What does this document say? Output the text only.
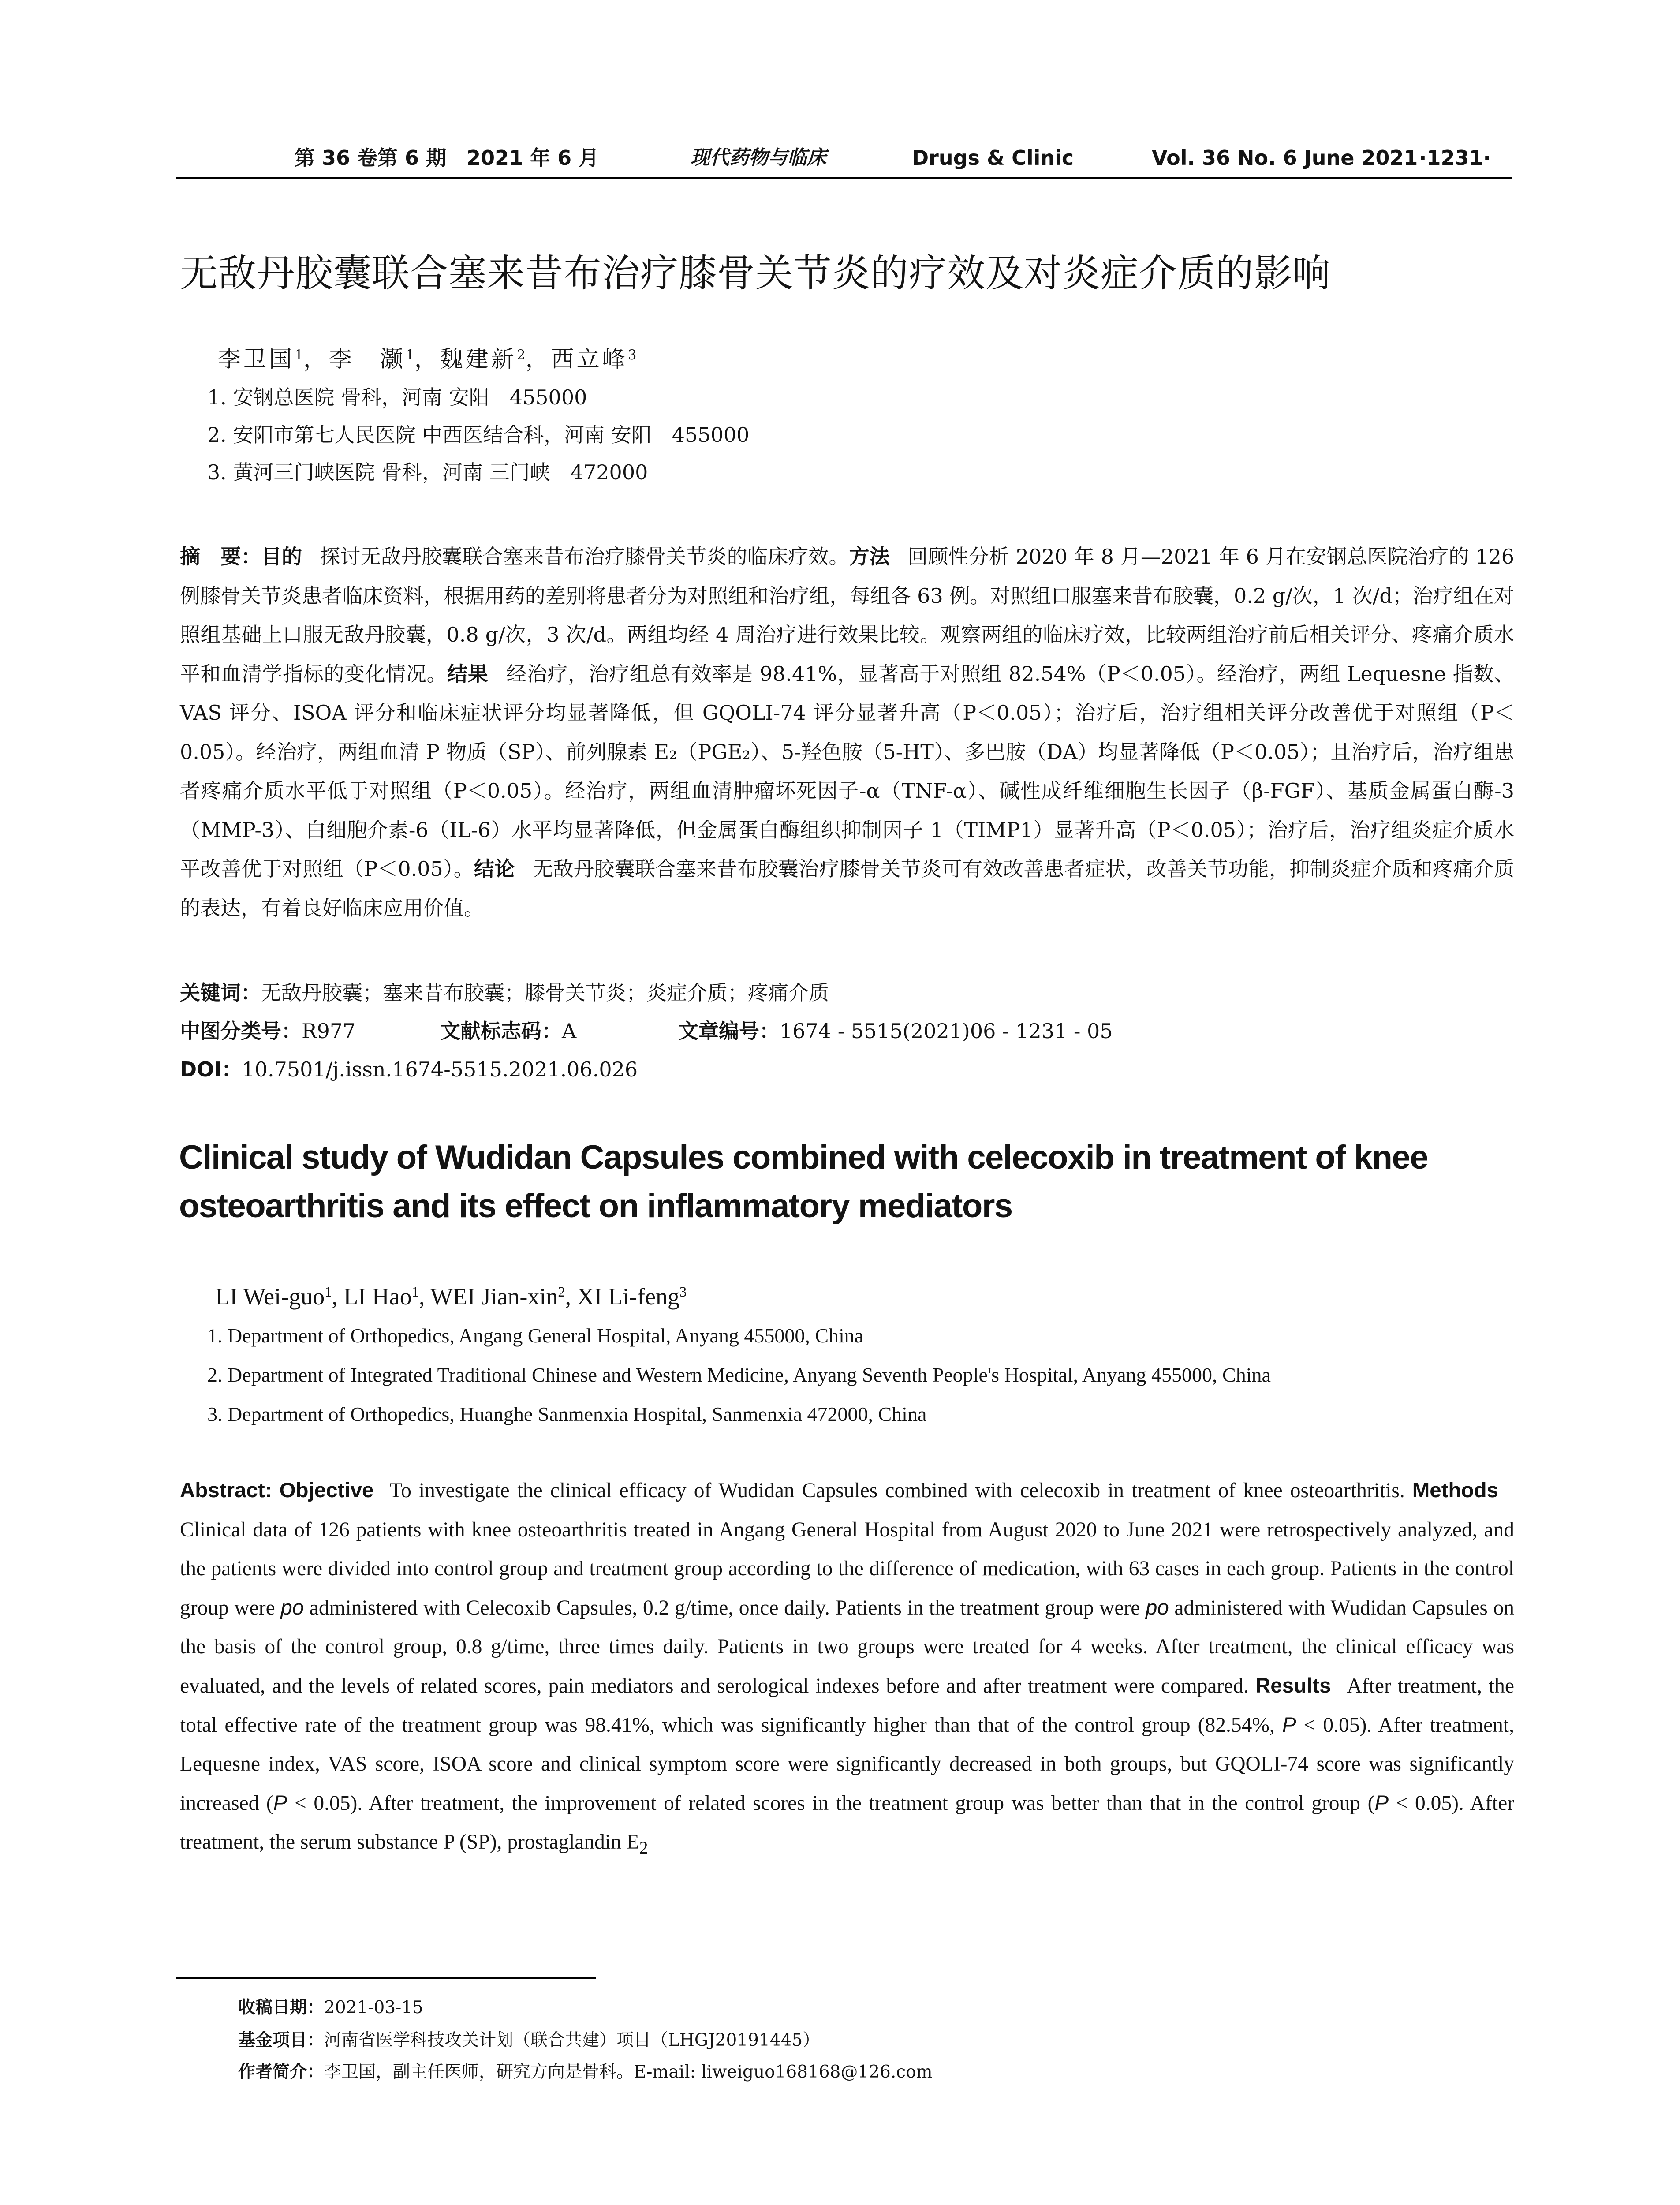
第 36 卷第 6 期　2021 年 6 月	现代药物与临床	Drugs & Clinic	Vol. 36 No. 6 June 2021 ·1231·
无敌丹胶囊联合塞来昔布治疗膝骨关节炎的疗效及对炎症介质的影响
李卫国$^1$，李　灏$^1$，魏建新$^2$，西立峰$^3$
1. 安钢总医院 骨科，河南 安阳　455000
2. 安阳市第七人民医院 中西医结合科，河南 安阳　455000
3. 黄河三门峡医院 骨科，河南 三门峡　472000
摘　要：目的 探讨无敌丹胶囊联合塞来昔布治疗膝骨关节炎的临床疗效。方法 回顾性分析 2020 年 8 月—2021 年 6 月在安钢总医院治疗的 126 例膝骨关节炎患者临床资料，根据用药的差别将患者分为对照组和治疗组，每组各 63 例。对照组口服塞来昔布胶囊，0.2 g/次，1 次/d；治疗组在对照组基础上口服无敌丹胶囊，0.8 g/次，3 次/d。两组均经 4 周治疗进行效果比较。观察两组的临床疗效，比较两组治疗前后相关评分、疼痛介质水平和血清学指标的变化情况。结果 经治疗，治疗组总有效率是 98.41%，显著高于对照组 82.54%（P＜0.05）。经治疗，两组 Lequesne 指数、VAS 评分、ISOA 评分和临床症状评分均显著降低，但 GQOLI-74 评分显著升高（P＜0.05）；治疗后，治疗组相关评分改善优于对照组（P＜0.05）。经治疗，两组血清 P 物质（SP）、前列腺素 E₂（PGE₂）、5-羟色胺（5-HT）、多巴胺（DA）均显著降低（P＜0.05）；且治疗后，治疗组患者疼痛介质水平低于对照组（P＜0.05）。经治疗，两组血清肿瘤坏死因子-α（TNF-α）、碱性成纤维细胞生长因子（β-FGF）、基质金属蛋白酶-3（MMP-3）、白细胞介素-6（IL-6）水平均显著降低，但金属蛋白酶组织抑制因子 1（TIMP1）显著升高（P＜0.05）；治疗后，治疗组炎症介质水平改善优于对照组（P＜0.05）。结论 无敌丹胶囊联合塞来昔布胶囊治疗膝骨关节炎可有效改善患者症状，改善关节功能，抑制炎症介质和疼痛介质的表达，有着良好临床应用价值。
关键词：无敌丹胶囊；塞来昔布胶囊；膝骨关节炎；炎症介质；疼痛介质
中图分类号：R977	文献标志码：A	文章编号：1674 - 5515(2021)06 - 1231 - 05
DOI：10.7501/j.issn.1674-5515.2021.06.026
Clinical study of Wudidan Capsules combined with celecoxib in treatment of knee osteoarthritis and its effect on inflammatory mediators
LI Wei-guo$^1$, LI Hao$^1$, WEI Jian-xin$^2$, XI Li-feng$^3$
1. Department of Orthopedics, Angang General Hospital, Anyang 455000, China
2. Department of Integrated Traditional Chinese and Western Medicine, Anyang Seventh People's Hospital, Anyang 455000, China
3. Department of Orthopedics, Huanghe Sanmenxia Hospital, Sanmenxia 472000, China
Abstract: Objective To investigate the clinical efficacy of Wudidan Capsules combined with celecoxib in treatment of knee osteoarthritis. MethodsClinical data of 126 patients with knee osteoarthritis treated in Angang General Hospital from August 2020 to June 2021 were retrospectively analyzed, and the patients were divided into control group and treatment group according to the difference of medication, with 63 cases in each group. Patients in the control group were po administered with Celecoxib Capsules, 0.2 g/time, once daily. Patients in the treatment group were po administered with Wudidan Capsules on the basis of the control group, 0.8 g/time, three times daily. Patients in two groups were treated for 4 weeks. After treatment, the clinical efficacy was evaluated, and the levels of related scores, pain mediators and serological indexes before and after treatment were compared. Results After treatment, the total effective rate of the treatment group was 98.41%, which was significantly higher than that of the control group (82.54%, P < 0.05). After treatment, Lequesne index, VAS score, ISOA score and clinical symptom score were significantly decreased in both groups, but GQOLI-74 score was significantly increased (P < 0.05). After treatment, the improvement of related scores in the treatment group was better than that in the control group (P < 0.05). After treatment, the serum substance P (SP), prostaglandin $E_2$
收稿日期：2021-03-15
基金项目：河南省医学科技攻关计划（联合共建）项目（LHGJ20191445）
作者简介：李卫国，副主任医师，研究方向是骨科。E-mail: liweiguo168168@126.com
